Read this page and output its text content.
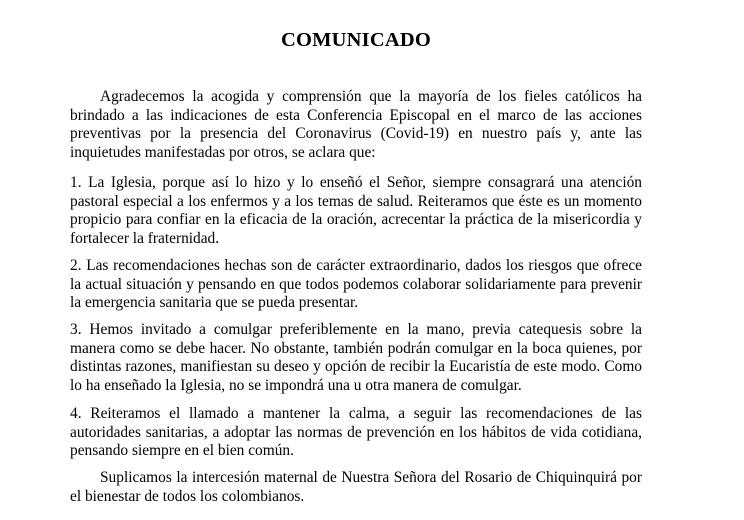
COMUNICADO

Agradecemos la acogida y comprensión que la mayoría de los fieles católicos ha brindado a las indicaciones de esta Conferencia Episcopal en el marco de las acciones preventivas por la presencia del Coronavirus (Covid-19) en nuestro país y, ante las inquietudes manifestadas por otros, se aclara que:

1. La Iglesia, porque así lo hizo y lo enseñó el Señor, siempre consagrará una atención pastoral especial a los enfermos y a los temas de salud. Reiteramos que éste es un momento propicio para confiar en la eficacia de la oración, acrecentar la práctica de la misericordia y fortalecer la fraternidad.

2. Las recomendaciones hechas son de carácter extraordinario, dados los riesgos que ofrece la actual situación y pensando en que todos podemos colaborar solidariamente para prevenir la emergencia sanitaria que se pueda presentar.

3. Hemos invitado a comulgar preferiblemente en la mano, previa catequesis sobre la manera como se debe hacer. No obstante, también podrán comulgar en la boca quienes, por distintas razones, manifiestan su deseo y opción de recibir la Eucaristía de este modo. Como lo ha enseñado la Iglesia, no se impondrá una u otra manera de comulgar.

4. Reiteramos el llamado a mantener la calma, a seguir las recomendaciones de las autoridades sanitarias, a adoptar las normas de prevención en los hábitos de vida cotidiana, pensando siempre en el bien común.

Suplicamos la intercesión maternal de Nuestra Señora del Rosario de Chiquinquirá por el bienestar de todos los colombianos.
